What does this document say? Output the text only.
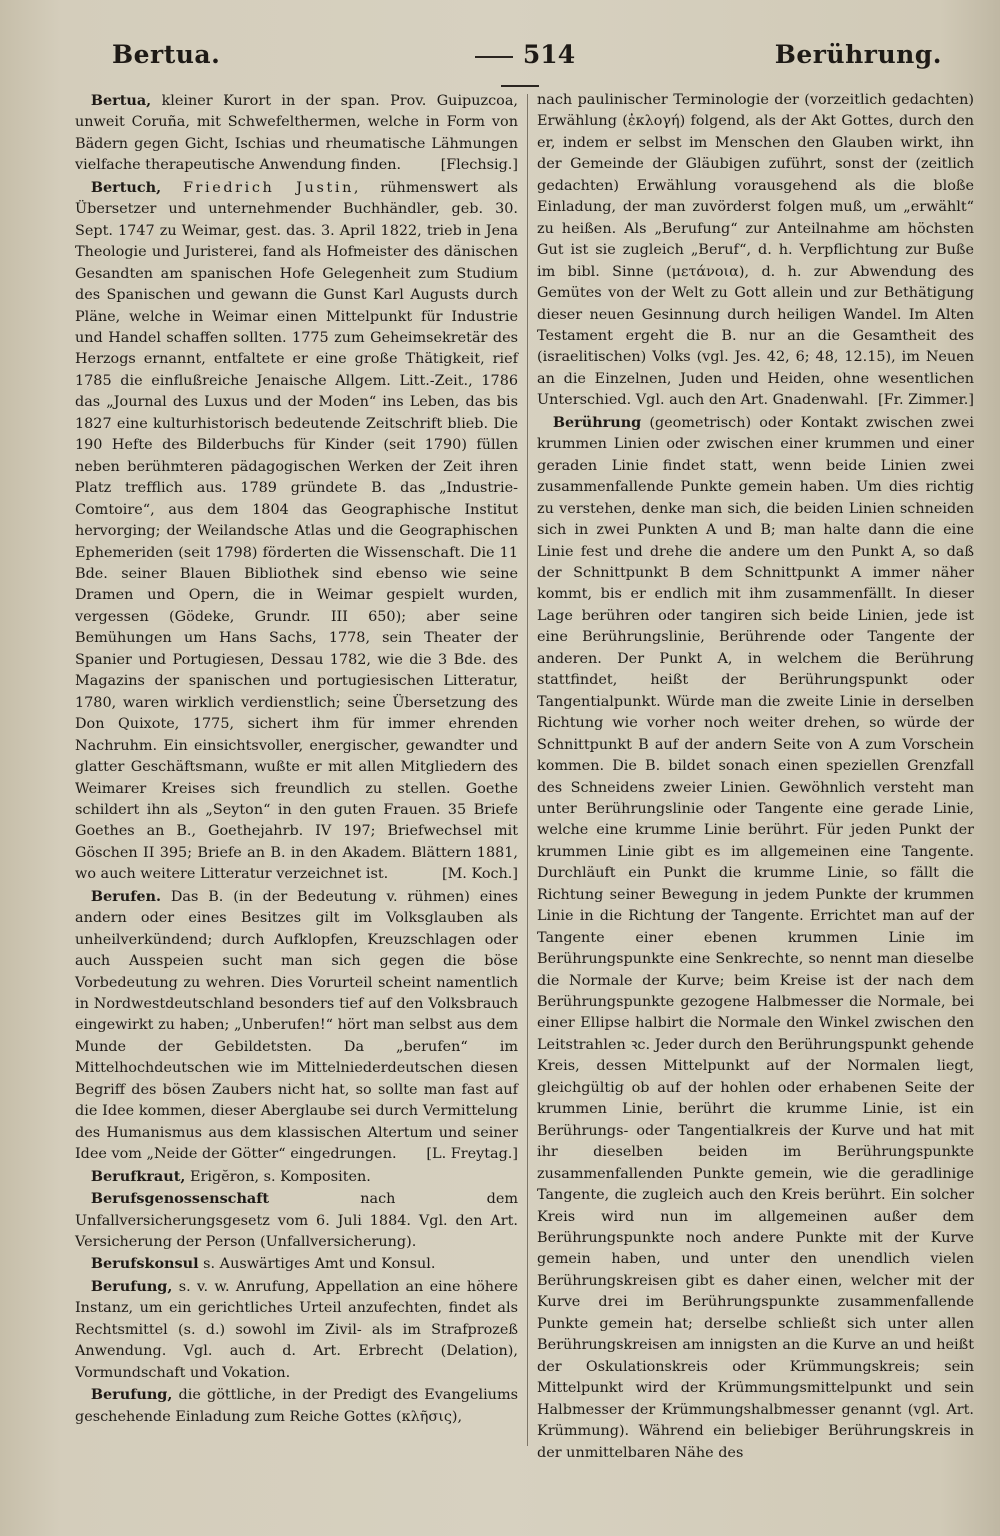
Bertua.	514	Berührung.

Bertua, kleiner Kurort in der span. Prov. Guipuzcoa, unweit Coruña, mit Schwefelthermen, welche in Form von Bädern gegen Gicht, Ischias und rheumatische Lähmungen vielfache therapeutische Anwendung finden.	[Flechsig.]

Bertuch, Friedrich Justin, rühmenswert als Übersetzer und unternehmender Buchhändler, geb. 30. Sept. 1747 zu Weimar, gest. das. 3. April 1822, trieb in Jena Theologie und Juristerei, fand als Hofmeister des dänischen Gesandten am spanischen Hofe Gelegenheit zum Studium des Spanischen und gewann die Gunst Karl Augusts durch Pläne, welche in Weimar einen Mittelpunkt für Industrie und Handel schaffen sollten. 1775 zum Geheimsekretär des Herzogs ernannt, entfaltete er eine große Thätigkeit, rief 1785 die einflußreiche Jenaische Allgem. Litt.-Zeit., 1786 das „Journal des Luxus und der Moden“ ins Leben, das bis 1827 eine kulturhistorisch bedeutende Zeitschrift blieb. Die 190 Hefte des Bilderbuchs für Kinder (seit 1790) füllen neben berühmteren pädagogischen Werken der Zeit ihren Platz trefflich aus. 1789 gründete B. das „Industrie-Comtoire“, aus dem 1804 das Geographische Institut hervorging; der Weilandsche Atlas und die Geographischen Ephemeriden (seit 1798) förderten die Wissenschaft. Die 11 Bde. seiner Blauen Bibliothek sind ebenso wie seine Dramen und Opern, die in Weimar gespielt wurden, vergessen (Gödeke, Grundr. III 650); aber seine Bemühungen um Hans Sachs, 1778, sein Theater der Spanier und Portugiesen, Dessau 1782, wie die 3 Bde. des Magazins der spanischen und portugiesischen Litteratur, 1780, waren wirklich verdienstlich; seine Übersetzung des Don Quixote, 1775, sichert ihm für immer ehrenden Nachruhm. Ein einsichtsvoller, energischer, gewandter und glatter Geschäftsmann, wußte er mit allen Mitgliedern des Weimarer Kreises sich freundlich zu stellen. Goethe schildert ihn als „Seyton“ in den guten Frauen. 35 Briefe Goethes an B., Goethejahrb. IV 197; Briefwechsel mit Göschen II 395; Briefe an B. in den Akadem. Blättern 1881, wo auch weitere Litteratur verzeichnet ist.	[M. Koch.]

Berufen. Das B. (in der Bedeutung v. rühmen) eines andern oder eines Besitzes gilt im Volksglauben als unheilverkündend; durch Aufklopfen, Kreuzschlagen oder auch Ausspeien sucht man sich gegen die böse Vorbedeutung zu wehren. Dies Vorurteil scheint namentlich in Nordwestdeutschland besonders tief auf den Volksbrauch eingewirkt zu haben; „Unberufen!“ hört man selbst aus dem Munde der Gebildetsten. Da „berufen“ im Mittelhochdeutschen wie im Mittelniederdeutschen diesen Begriff des bösen Zaubers nicht hat, so sollte man fast auf die Idee kommen, dieser Aberglaube sei durch Vermittelung des Humanismus aus dem klassischen Altertum und seiner Idee vom „Neide der Götter“ eingedrungen.	[L. Freytag.]

Berufkraut, Erigĕron, s. Kompositen.

Berufsgenossenschaft nach dem Unfallversicherungsgesetz vom 6. Juli 1884. Vgl. den Art. Versicherung der Person (Unfallversicherung).

Berufskonsul s. Auswärtiges Amt und Konsul.

Berufung, s. v. w. Anrufung, Appellation an eine höhere Instanz, um ein gerichtliches Urteil anzufechten, findet als Rechtsmittel (s. d.) sowohl im Zivil- als im Strafprozeß Anwendung. Vgl. auch d. Art. Erbrecht (Delation), Vormundschaft und Vokation.

Berufung, die göttliche, in der Predigt des Evangeliums geschehende Einladung zum Reiche Gottes (κλῆσις),

nach paulinischer Terminologie der (vorzeitlich gedachten) Erwählung (ἐκλογή) folgend, als der Akt Gottes, durch den er, indem er selbst im Menschen den Glauben wirkt, ihn der Gemeinde der Gläubigen zuführt, sonst der (zeitlich gedachten) Erwählung vorausgehend als die bloße Einladung, der man zuvörderst folgen muß, um „erwählt“ zu heißen. Als „Berufung“ zur Anteilnahme am höchsten Gut ist sie zugleich „Beruf“, d. h. Verpflichtung zur Buße im bibl. Sinne (μετάνοια), d. h. zur Abwendung des Gemütes von der Welt zu Gott allein und zur Bethätigung dieser neuen Gesinnung durch heiligen Wandel. Im Alten Testament ergeht die B. nur an die Gesamtheit des (israelitischen) Volks (vgl. Jes. 42, 6; 48, 12.15), im Neuen an die Einzelnen, Juden und Heiden, ohne wesentlichen Unterschied. Vgl. auch den Art. Gnadenwahl. [Fr. Zimmer.]

Berührung (geometrisch) oder Kontakt zwischen zwei krummen Linien oder zwischen einer krummen und einer geraden Linie findet statt, wenn beide Linien zwei zusammenfallende Punkte gemein haben. Um dies richtig zu verstehen, denke man sich, die beiden Linien schneiden sich in zwei Punkten A und B; man halte dann die eine Linie fest und drehe die andere um den Punkt A, so daß der Schnittpunkt B dem Schnittpunkt A immer näher kommt, bis er endlich mit ihm zusammenfällt. In dieser Lage berühren oder tangiren sich beide Linien, jede ist eine Berührungslinie, Berührende oder Tangente der anderen. Der Punkt A, in welchem die Berührung stattfindet, heißt der Berührungspunkt oder Tangentialpunkt. Würde man die zweite Linie in derselben Richtung wie vorher noch weiter drehen, so würde der Schnittpunkt B auf der andern Seite von A zum Vorschein kommen. Die B. bildet sonach einen speziellen Grenzfall des Schneidens zweier Linien. Gewöhnlich versteht man unter Berührungslinie oder Tangente eine gerade Linie, welche eine krumme Linie berührt. Für jeden Punkt der krummen Linie gibt es im allgemeinen eine Tangente. Durchläuft ein Punkt die krumme Linie, so fällt die Richtung seiner Bewegung in jedem Punkte der krummen Linie in die Richtung der Tangente. Errichtet man auf der Tangente einer ebenen krummen Linie im Berührungspunkte eine Senkrechte, so nennt man dieselbe die Normale der Kurve; beim Kreise ist der nach dem Berührungspunkte gezogene Halbmesser die Normale, bei einer Ellipse halbirt die Normale den Winkel zwischen den Leitstrahlen ꝛc. Jeder durch den Berührungspunkt gehende Kreis, dessen Mittelpunkt auf der Normalen liegt, gleichgültig ob auf der hohlen oder erhabenen Seite der krummen Linie, berührt die krumme Linie, ist ein Berührungs- oder Tangentialkreis der Kurve und hat mit ihr dieselben beiden im Berührungspunkte zusammenfallenden Punkte gemein, wie die geradlinige Tangente, die zugleich auch den Kreis berührt. Ein solcher Kreis wird nun im allgemeinen außer dem Berührungspunkte noch andere Punkte mit der Kurve gemein haben, und unter den unendlich vielen Berührungskreisen gibt es daher einen, welcher mit der Kurve drei im Berührungspunkte zusammenfallende Punkte gemein hat; derselbe schließt sich unter allen Berührungskreisen am innigsten an die Kurve an und heißt der Oskulationskreis oder Krümmungskreis; sein Mittelpunkt wird der Krümmungsmittelpunkt und sein Halbmesser der Krümmungshalbmesser genannt (vgl. Art. Krümmung). Während ein beliebiger Berührungskreis in der unmittelbaren Nähe des
